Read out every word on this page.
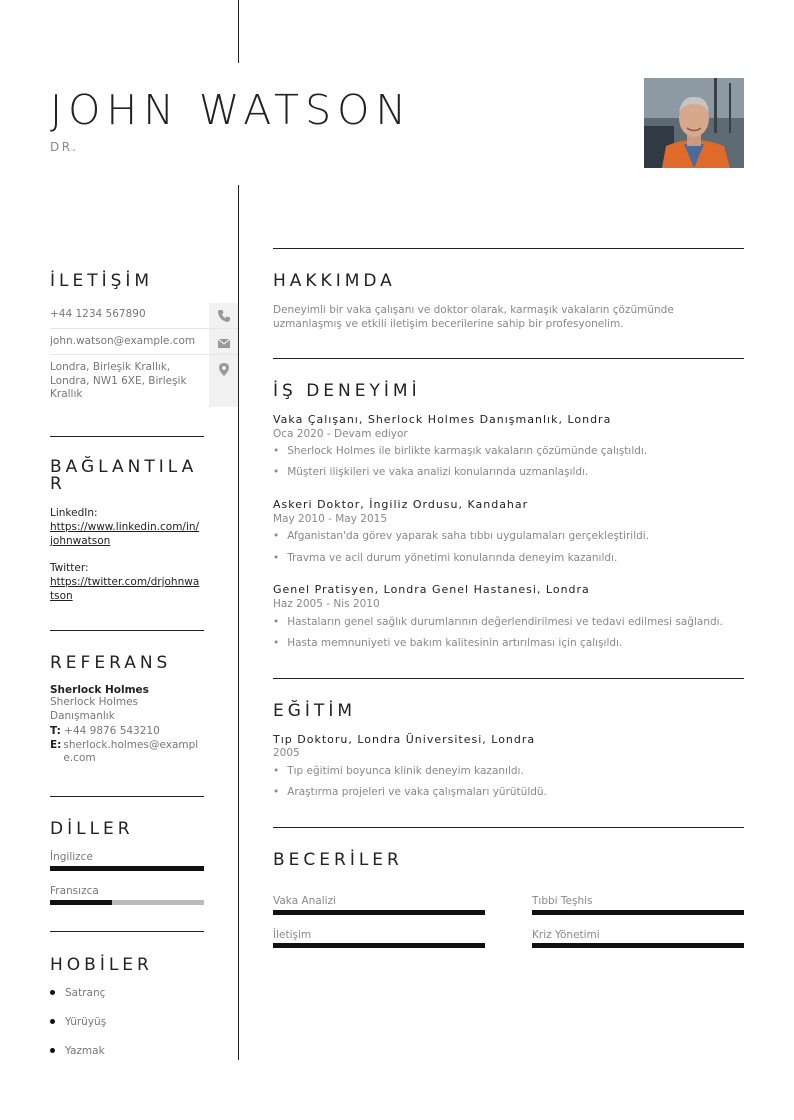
JOHN WATSON
DR.
İLETİŞİM
+44 1234 567890
john.watson@example.com
Londra, Birleşik Krallık, Londra, NW1 6XE, Birleşik Krallık
BAĞLANTILAR
LinkedIn:
https://www.linkedin.com/in/johnwatson
Twitter:
https://twitter.com/drjohnwatson
REFERANS
Sherlock Holmes
Sherlock Holmes Danışmanlık
T: +44 9876 543210
E: sherlock.holmes@example.com
DİLLER
İngilizce
Fransızca
HOBİLER
Satranç
Yürüyüş
Yazmak
HAKKIMDA
Deneyimli bir vaka çalışanı ve doktor olarak, karmaşık vakaların çözümünde uzmanlaşmış ve etkili iletişim becerilerine sahip bir profesyonelim.
İŞ DENEYİMİ
Vaka Çalışanı, Sherlock Holmes Danışmanlık, Londra
Oca 2020 - Devam ediyor
• Sherlock Holmes ile birlikte karmaşık vakaların çözümünde çalıştıldı.
• Müşteri ilişkileri ve vaka analizi konularında uzmanlaşıldı.
Askeri Doktor, İngiliz Ordusu, Kandahar
May 2010 - May 2015
• Afganistan'da görev yaparak saha tıbbı uygulamaları gerçekleştirildi.
• Travma ve acil durum yönetimi konularında deneyim kazanıldı.
Genel Pratisyen, Londra Genel Hastanesi, Londra
Haz 2005 - Nis 2010
• Hastaların genel sağlık durumlarının değerlendirilmesi ve tedavi edilmesi sağlandı.
• Hasta memnuniyeti ve bakım kalitesinin artırılması için çalışıldı.
EĞİTİM
Tıp Doktoru, Londra Üniversitesi, Londra
2005
• Tıp eğitimi boyunca klinik deneyim kazanıldı.
• Araştırma projeleri ve vaka çalışmaları yürütüldü.
BECERİLER
Vaka Analizi	Tıbbi Teşhis
İletişim	Kriz Yönetimi
